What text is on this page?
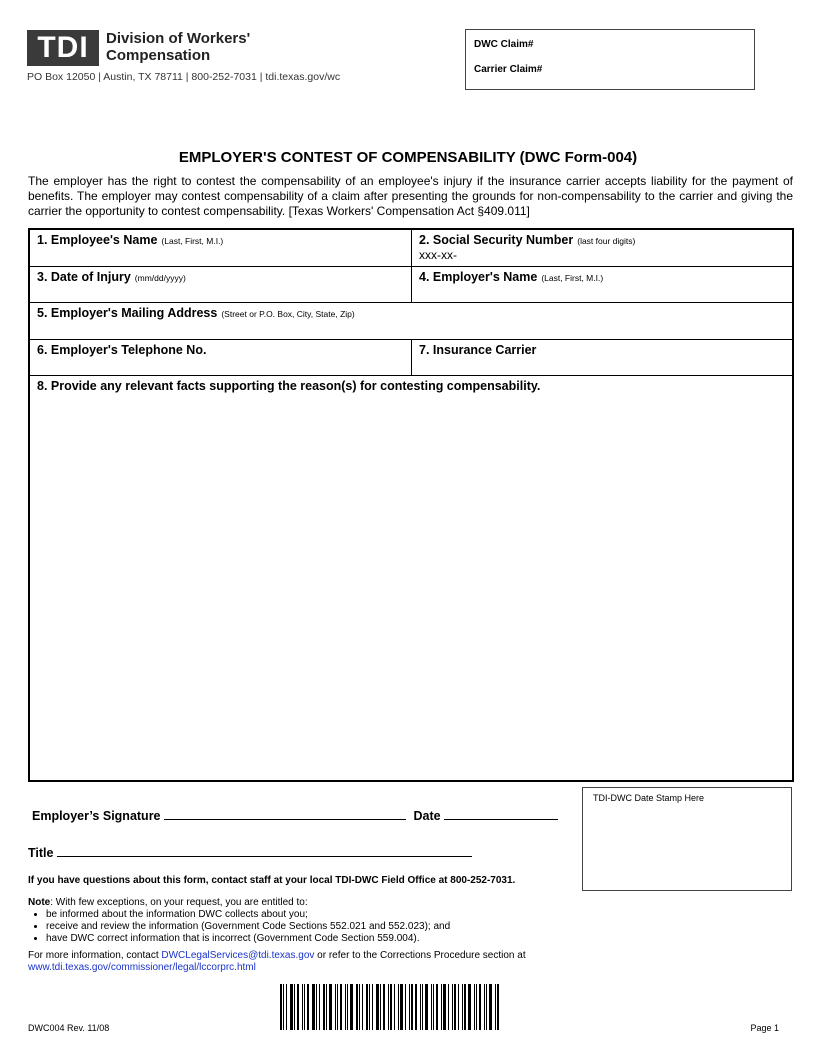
TDI	Division of Workers'
Compensation
PO Box 12050 | Austin, TX 78711 | 800-252-7031 | tdi.texas.gov/wc
DWC Claim#
Carrier Claim#
EMPLOYER'S CONTEST OF COMPENSABILITY (DWC Form-004)
The employer has the right to contest the compensability of an employee's injury if the insurance carrier accepts liability for the payment of benefits. The employer may contest compensability of a claim after presenting the grounds for non-compensability to the carrier and giving the carrier the opportunity to contest compensability. [Texas Workers' Compensation Act §409.011]
1. Employee's Name (Last, First, M.I.)	2. Social Security Number (last four digits)
xxx-xx-
3. Date of Injury (mm/dd/yyyy)	4. Employer's Name (Last, First, M.I.)
5. Employer's Mailing Address (Street or P.O. Box, City, State, Zip)
6. Employer's Telephone No.	7. Insurance Carrier
8. Provide any relevant facts supporting the reason(s) for contesting compensability.
TDI-DWC Date Stamp Here
Employer’s Signature	Date
Title
If you have questions about this form, contact staff at your local TDI-DWC Field Office at 800-252-7031.
Note: With few exceptions, on your request, you are entitled to:
• be informed about the information DWC collects about you;
• receive and review the information (Government Code Sections 552.021 and 552.023); and
• have DWC correct information that is incorrect (Government Code Section 559.004).
For more information, contact DWCLegalServices@tdi.texas.gov or refer to the Corrections Procedure section at
www.tdi.texas.gov/commissioner/legal/lccorprc.html
DWC004 Rev. 11/08	Page 1
